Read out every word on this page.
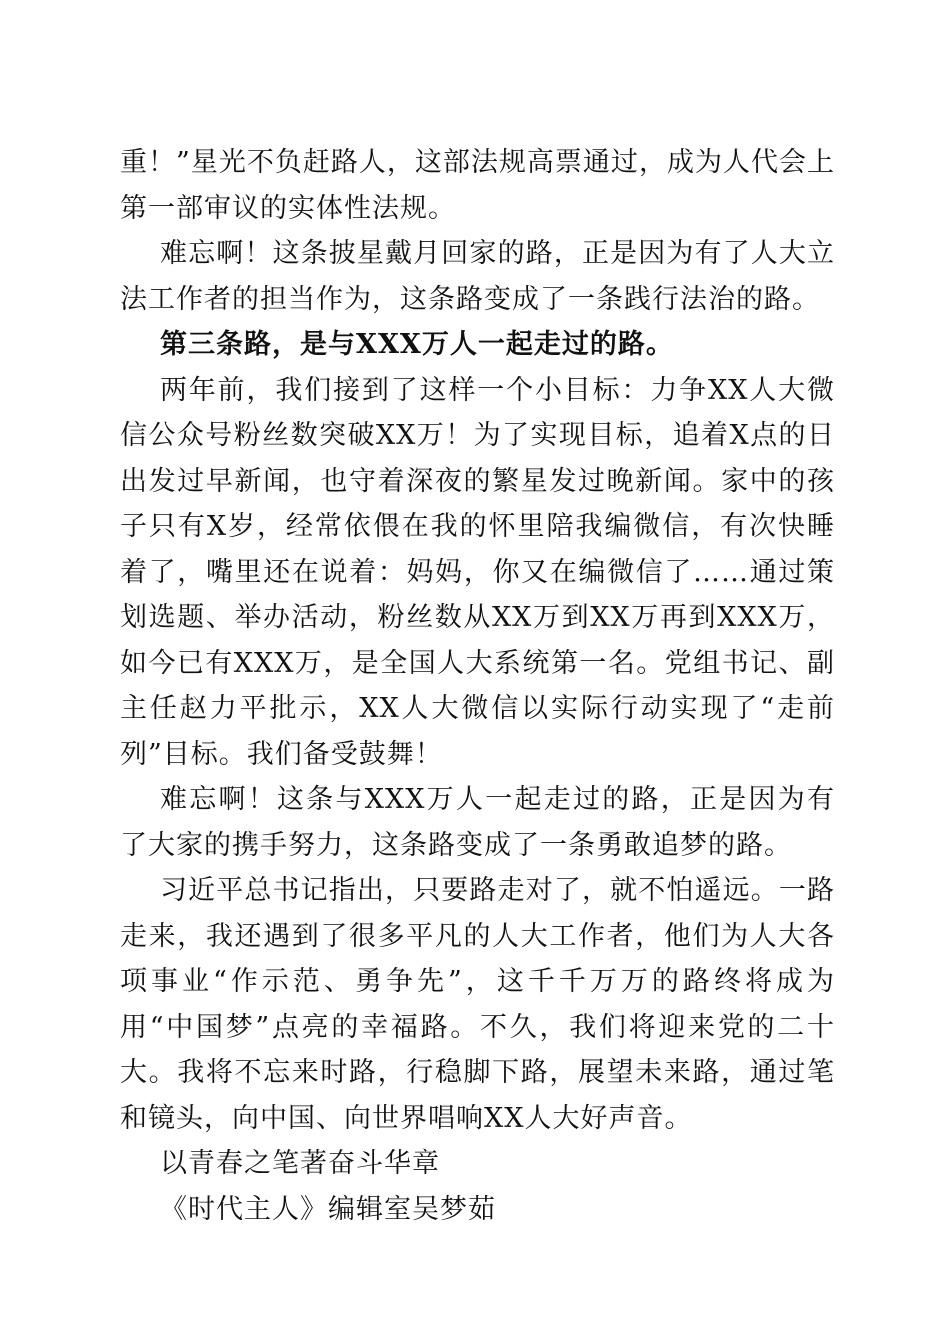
重！”星光不负赶路人，这部法规高票通过，成为人代会上第一部审议的实体性法规。

难忘啊！这条披星戴月回家的路，正是因为有了人大立法工作者的担当作为，这条路变成了一条践行法治的路。

第三条路，是与XXX万人一起走过的路。

两年前，我们接到了这样一个小目标：力争XX人大微信公众号粉丝数突破XX万！为了实现目标，追着X点的日出发过早新闻，也守着深夜的繁星发过晚新闻。家中的孩子只有X岁，经常依偎在我的怀里陪我编微信，有次快睡着了，嘴里还在说着：妈妈，你又在编微信了……通过策划选题、举办活动，粉丝数从XX万到XX万再到XXX万，如今已有XXX万，是全国人大系统第一名。党组书记、副主任赵力平批示，XX人大微信以实际行动实现了“走前列”目标。我们备受鼓舞！

难忘啊！这条与XXX万人一起走过的路，正是因为有了大家的携手努力，这条路变成了一条勇敢追梦的路。

习近平总书记指出，只要路走对了，就不怕遥远。一路走来，我还遇到了很多平凡的人大工作者，他们为人大各项事业“作示范、勇争先”，这千千万万的路终将成为用“中国梦”点亮的幸福路。不久，我们将迎来党的二十大。我将不忘来时路，行稳脚下路，展望未来路，通过笔和镜头，向中国、向世界唱响XX人大好声音。

以青春之笔著奋斗华章

《时代主人》编辑室吴梦茹
